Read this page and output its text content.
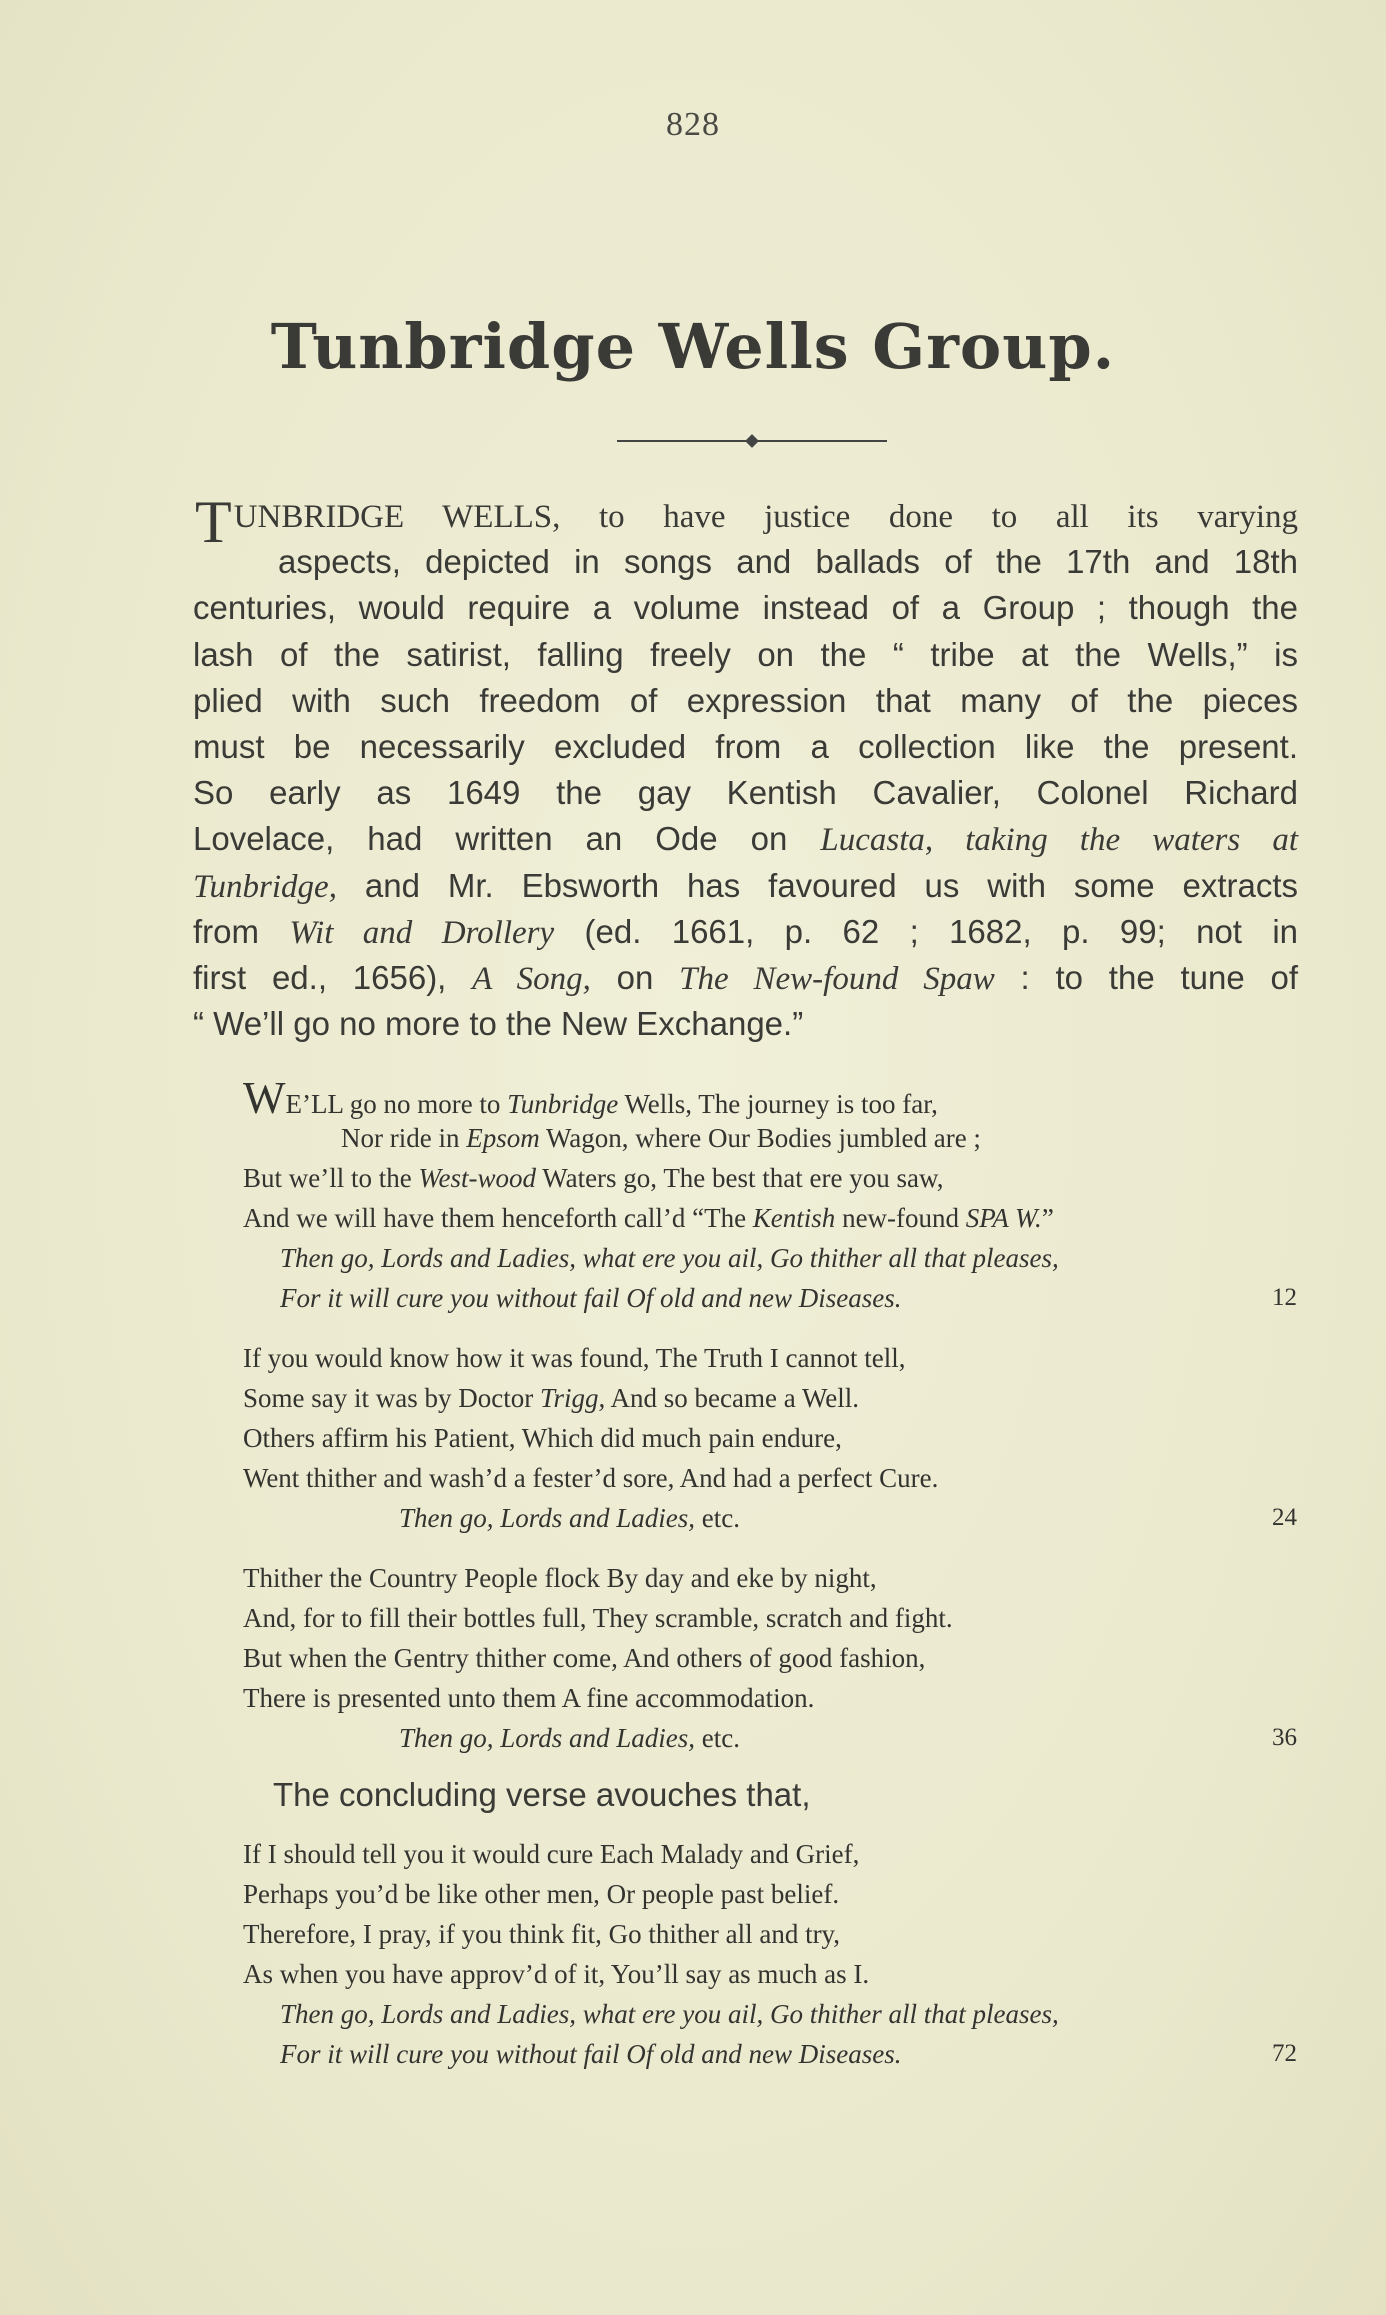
828
Tunbridge Wells Group.
TUNBRIDGE WELLS, to have justice done to all its varying
aspects, depicted in songs and ballads of the 17th and 18th
centuries, would require a volume instead of a Group ; though the
lash of the satirist, falling freely on the “ tribe at the Wells,” is
plied with such freedom of expression that many of the pieces
must be necessarily excluded from a collection like the present.
So early as 1649 the gay Kentish Cavalier, Colonel Richard
Lovelace, had written an Ode on Lucasta, taking the waters at
Tunbridge, and Mr. Ebsworth has favoured us with some extracts
from Wit and Drollery (ed. 1661, p. 62 ; 1682, p. 99; not in
first ed., 1656), A Song, on The New-found Spaw : to the tune of
“ We’ll go no more to the New Exchange.”
WE’LL go no more to Tunbridge Wells, The journey is too far,
Nor ride in Epsom Wagon, where Our Bodies jumbled are ;
But we’ll to the West-wood Waters go, The best that ere you saw,
And we will have them henceforth call’d “The Kentish new-found SPA W.”
Then go, Lords and Ladies, what ere you ail, Go thither all that pleases,
For it will cure you without fail Of old and new Diseases.	12
If you would know how it was found, The Truth I cannot tell,
Some say it was by Doctor Trigg, And so became a Well.
Others affirm his Patient, Which did much pain endure,
Went thither and wash’d a fester’d sore, And had a perfect Cure.
Then go, Lords and Ladies, etc.	24
Thither the Country People flock By day and eke by night,
And, for to fill their bottles full, They scramble, scratch and fight.
But when the Gentry thither come, And others of good fashion,
There is presented unto them A fine accommodation.
Then go, Lords and Ladies, etc.	36
The concluding verse avouches that,
If I should tell you it would cure Each Malady and Grief,
Perhaps you’d be like other men, Or people past belief.
Therefore, I pray, if you think fit, Go thither all and try,
As when you have approv’d of it, You’ll say as much as I.
Then go, Lords and Ladies, what ere you ail, Go thither all that pleases,
For it will cure you without fail Of old and new Diseases.	72
